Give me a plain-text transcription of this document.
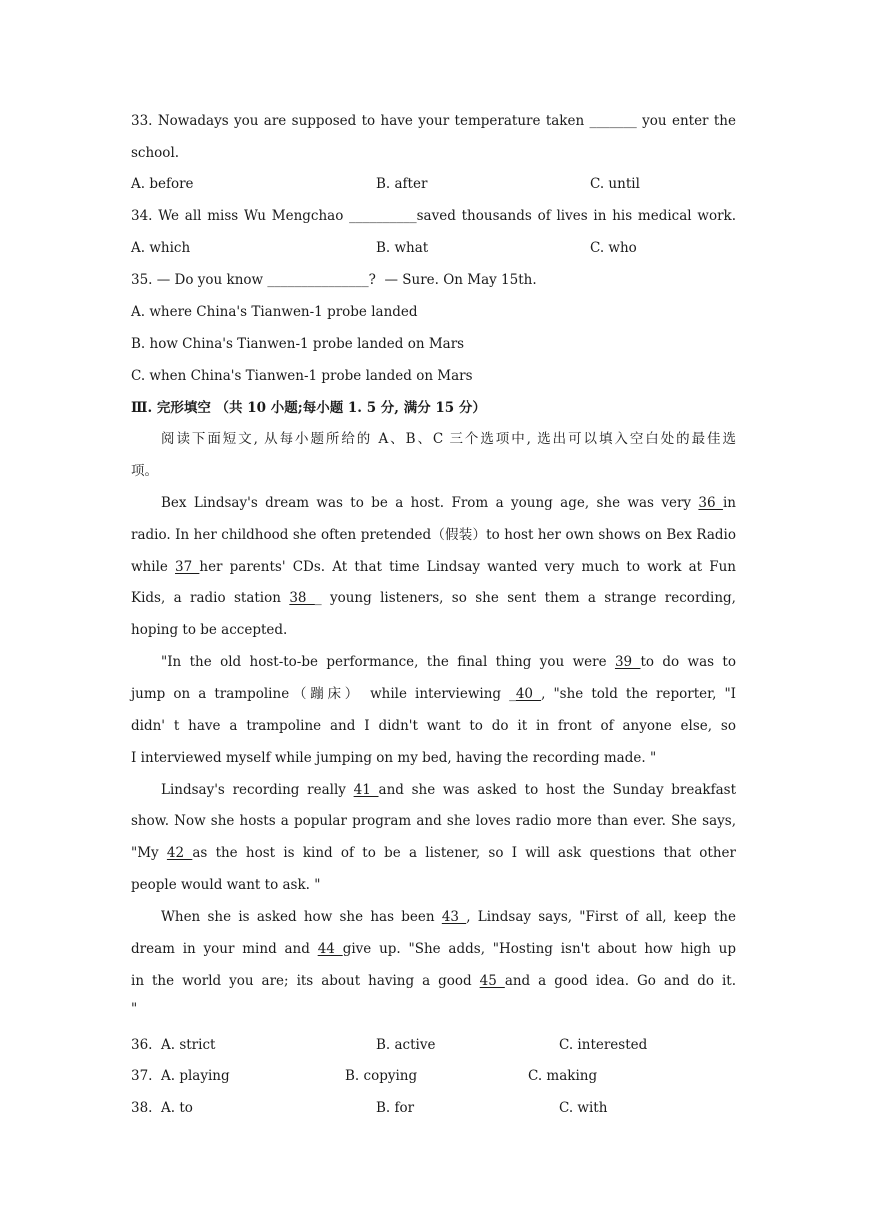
33. Nowadays you are supposed to have your temperature taken _______ you enter the
school.
A. before	B. after	C. until
34. We all miss Wu Mengchao __________saved thousands of lives in his medical work.
A. which	B. what	C. who
35. — Do you know _______________?  — Sure. On May 15th.
A. where China's Tianwen-1 probe landed
B. how China's Tianwen-1 probe landed on Mars
C. when China's Tianwen-1 probe landed on Mars
Ⅲ. 完形填空 （共 10 小题;每小题 1. 5 分, 满分 15 分）
阅读下面短文, 从每小题所给的 A、B、C 三个选项中, 选出可以填入空白处的最佳选
项。
Bex Lindsay's dream was to be a host. From a young age, she was very 36 in
radio. In her childhood she often pretended（假装）to host her own shows on Bex Radio
while 37 her parents' CDs. At that time Lindsay wanted very much to work at Fun
Kids, a radio station 38 _ young listeners, so she sent them a strange recording,
hoping to be accepted.
"In the old host-to-be performance, the final thing you were 39 to do was to
jump on a trampoline（蹦床） while interviewing _40 , "she told the reporter, "I
didn' t have a trampoline and I didn't want to do it in front of anyone else, so
I interviewed myself while jumping on my bed, having the recording made. "
Lindsay's recording really 41 and she was asked to host the Sunday breakfast
show. Now she hosts a popular program and she loves radio more than ever. She says,
"My 42 as the host is kind of to be a listener, so I will ask questions that other
people would want to ask. "
When she is asked how she has been 43 , Lindsay says, "First of all, keep the
dream in your mind and 44 give up. "She adds, "Hosting isn't about how high up
in the world you are; its about having a good 45 and a good idea. Go and do it.
"
36. A. strict	B. active	C. interested
37. A. playing	B. copying	C. making
38. A. to	B. for	C. with
